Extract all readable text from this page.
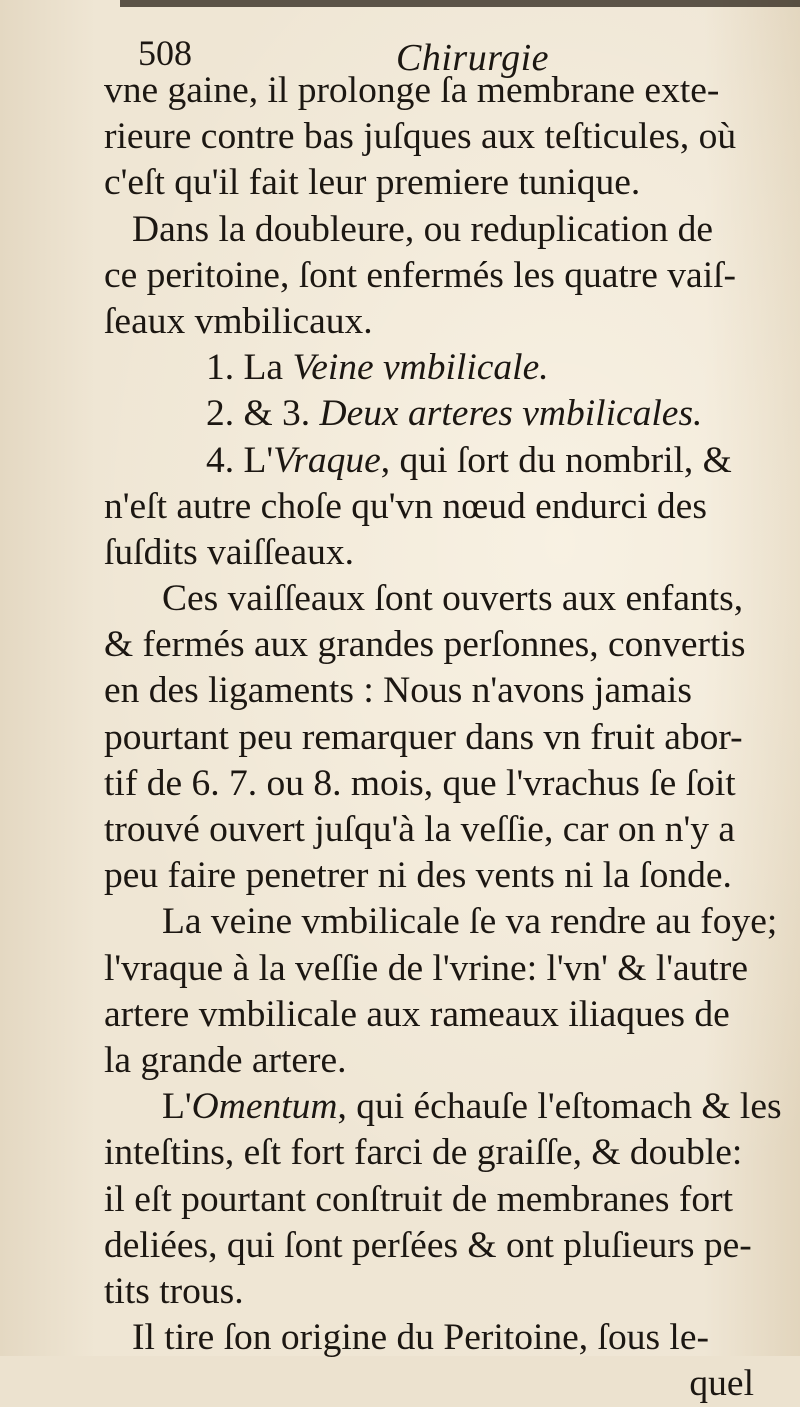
508	Chirurgie
vne gaine, il prolonge ſa membrane exte-
rieure contre bas juſques aux teſticules, où
c'eſt qu'il fait leur premiere tunique.
Dans la doubleure, ou reduplication de
ce peritoine, ſont enfermés les quatre vaiſ-
ſeaux vmbilicaux.
1. La Veine vmbilicale.
2. & 3. Deux arteres vmbilicales.
4. L'Vraque, qui ſort du nombril, &
n'eſt autre choſe qu'vn nœud endurci des
ſuſdits vaiſſeaux.
Ces vaiſſeaux ſont ouverts aux enfants,
& fermés aux grandes perſonnes, convertis
en des ligaments : Nous n'avons jamais
pourtant peu remarquer dans vn fruit abor-
tif de 6. 7. ou 8. mois, que l'vrachus ſe ſoit
trouvé ouvert juſqu'à la veſſie, car on n'y a
peu faire penetrer ni des vents ni la ſonde.
La veine vmbilicale ſe va rendre au foye;
l'vraque à la veſſie de l'vrine: l'vn' & l'autre
artere vmbilicale aux rameaux iliaques de
la grande artere.
L'Omentum, qui échauſe l'eſtomach & les
inteſtins, eſt fort farci de graiſſe, & double:
il eſt pourtant conſtruit de membranes fort
deliées, qui ſont perſées & ont pluſieurs pe-
tits trous.
Il tire ſon origine du Peritoine, ſous le-
quel
